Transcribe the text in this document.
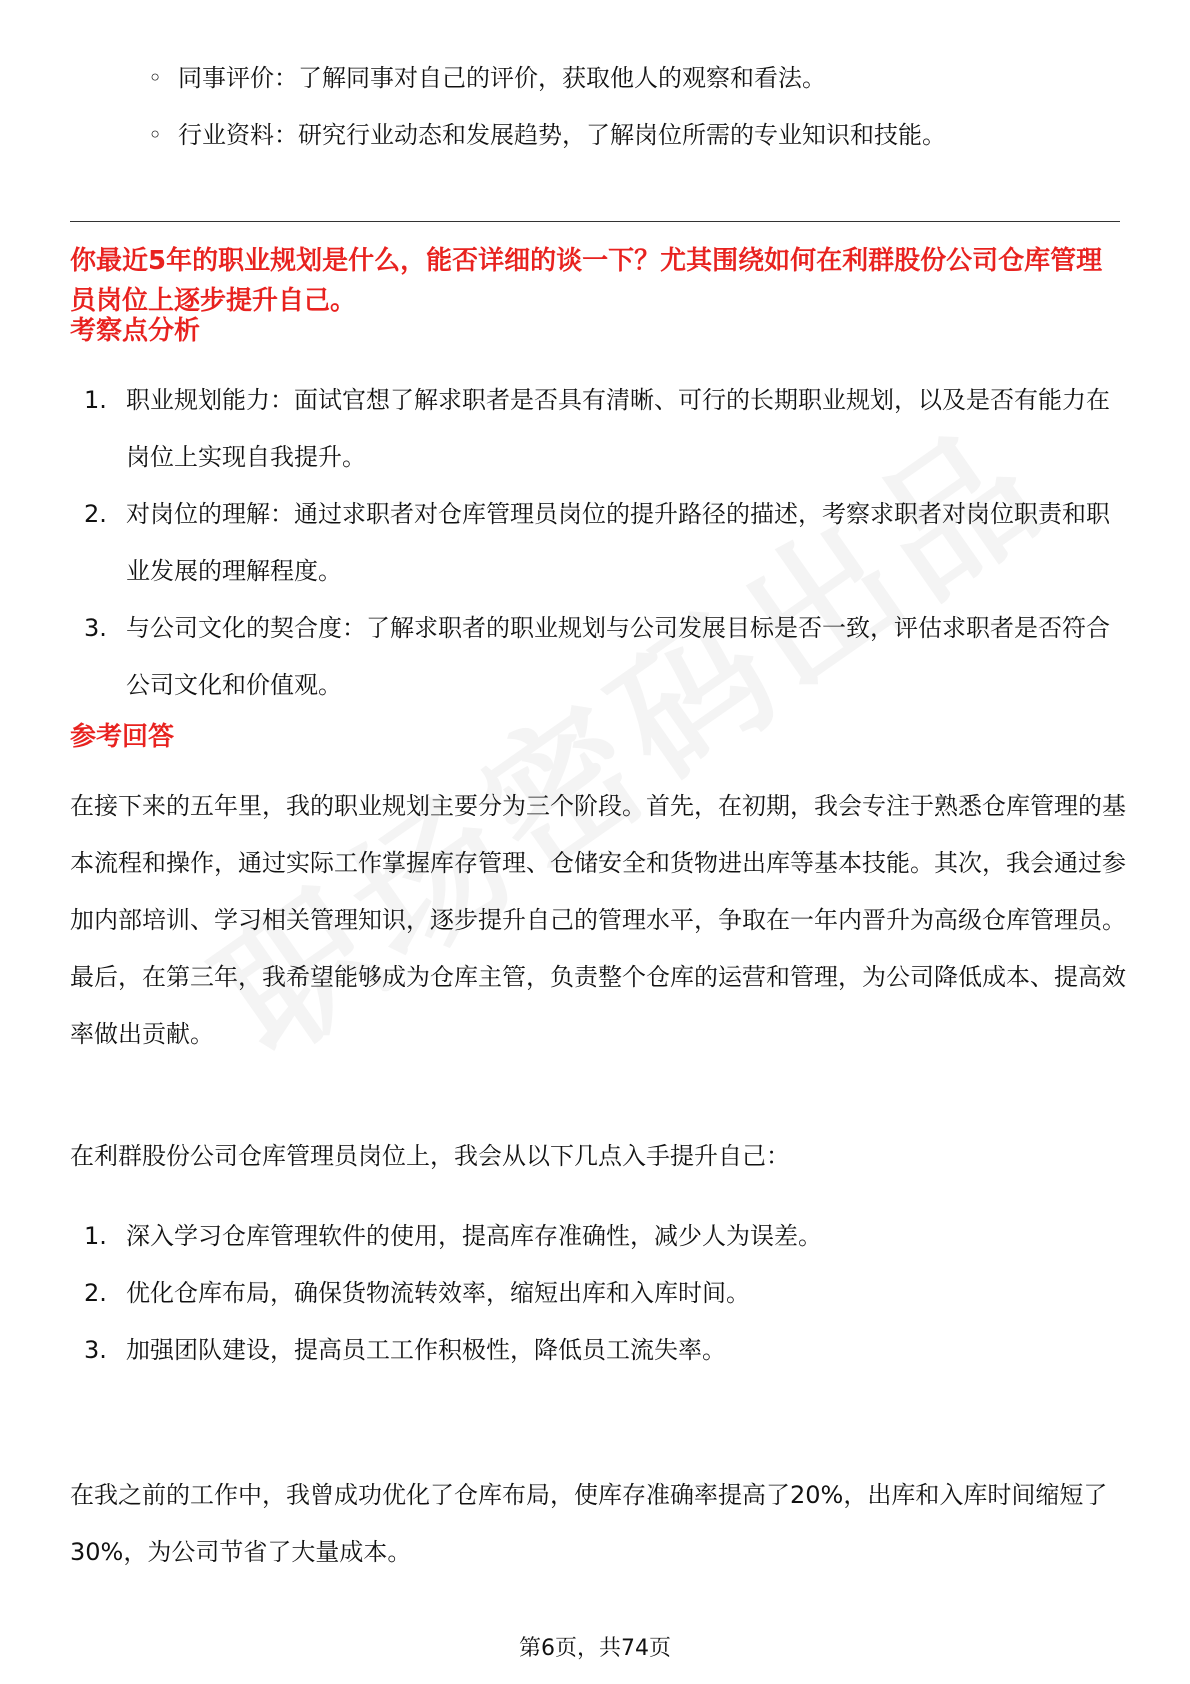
◦ 同事评价：了解同事对自己的评价，获取他人的观察和看法。
◦ 行业资料：研究行业动态和发展趋势，了解岗位所需的专业知识和技能。
你最近5年的职业规划是什么，能否详细的谈一下？尤其围绕如何在利群股份公司仓库管理员岗位上逐步提升自己。
考察点分析
1. 职业规划能力：面试官想了解求职者是否具有清晰、可行的长期职业规划，以及是否有能力在岗位上实现自我提升。
2. 对岗位的理解：通过求职者对仓库管理员岗位的提升路径的描述，考察求职者对岗位职责和职业发展的理解程度。
3. 与公司文化的契合度：了解求职者的职业规划与公司发展目标是否一致，评估求职者是否符合公司文化和价值观。
参考回答

在接下来的五年里，我的职业规划主要分为三个阶段。首先，在初期，我会专注于熟悉仓库管理的基本流程和操作，通过实际工作掌握库存管理、仓储安全和货物进出库等基本技能。其次，我会通过参加内部培训、学习相关管理知识，逐步提升自己的管理水平，争取在一年内晋升为高级仓库管理员。最后，在第三年，我希望能够成为仓库主管，负责整个仓库的运营和管理，为公司降低成本、提高效率做出贡献。

在利群股份公司仓库管理员岗位上，我会从以下几点入手提升自己：

1. 深入学习仓库管理软件的使用，提高库存准确性，减少人为误差。
2. 优化仓库布局，确保货物流转效率，缩短出库和入库时间。
3. 加强团队建设，提高员工工作积极性，降低员工流失率。

在我之前的工作中，我曾成功优化了仓库布局，使库存准确率提高了20%，出库和入库时间缩短了30%，为公司节省了大量成本。

第6页，共74页
